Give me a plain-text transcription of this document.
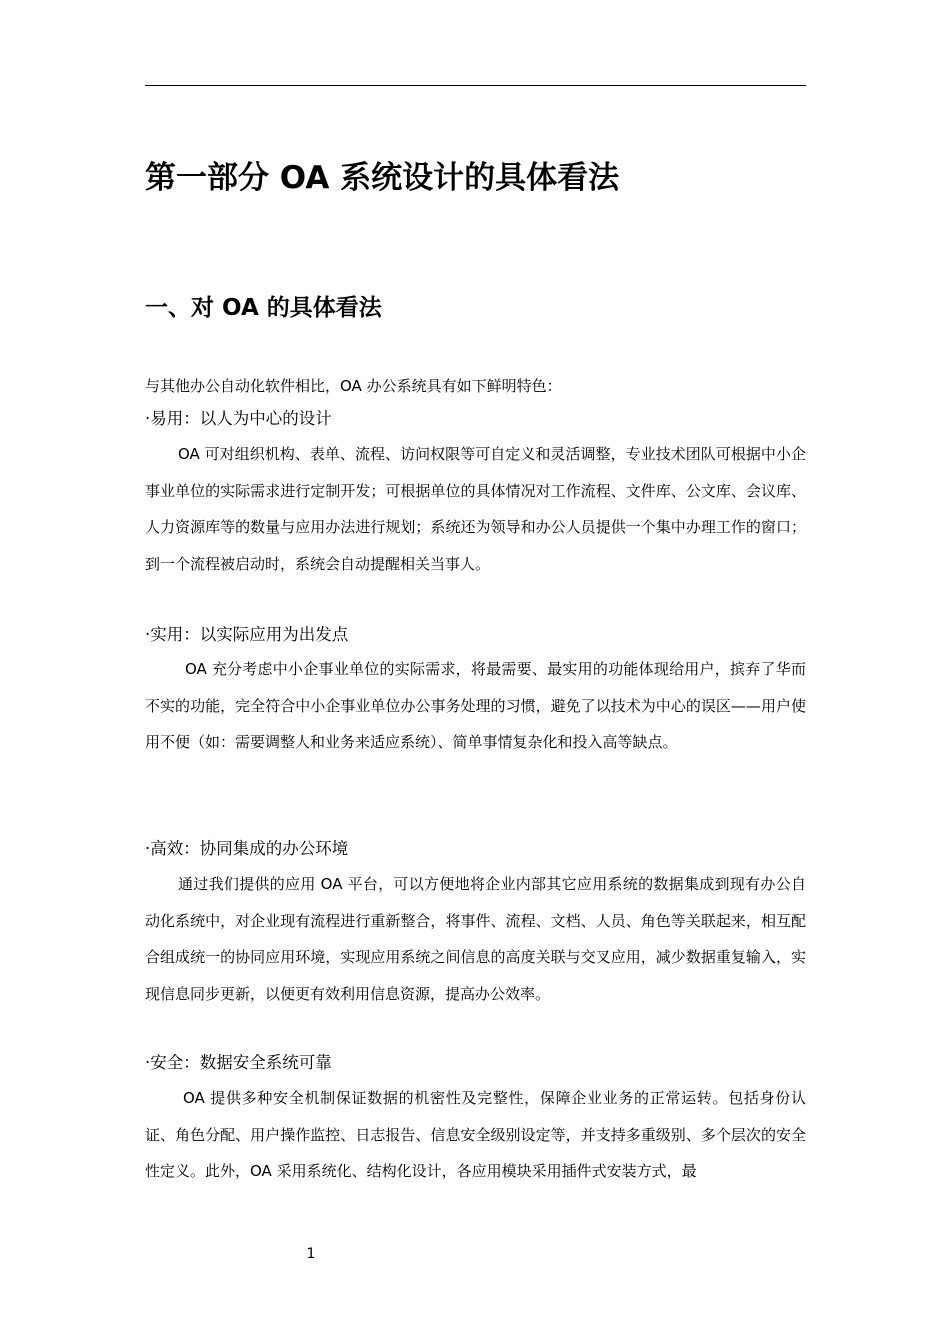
第一部分 OA 系统设计的具体看法
一、对 OA 的具体看法

与其他办公自动化软件相比，OA 办公系统具有如下鲜明特色：

·易用：以人为中心的设计

OA 可对组织机构、表单、流程、访问权限等可自定义和灵活调整，专业技术团队可根据中小企事业单位的实际需求进行定制开发；可根据单位的具体情况对工作流程、文件库、公文库、会议库、人力资源库等的数量与应用办法进行规划；系统还为领导和办公人员提供一个集中办理工作的窗口；到一个流程被启动时，系统会自动提醒相关当事人。

·实用：以实际应用为出发点

OA 充分考虑中小企事业单位的实际需求，将最需要、最实用的功能体现给用户，摈弃了华而不实的功能，完全符合中小企事业单位办公事务处理的习惯，避免了以技术为中心的误区——用户使用不便（如：需要调整人和业务来适应系统）、简单事情复杂化和投入高等缺点。

·高效：协同集成的办公环境

通过我们提供的应用 OA 平台，可以方便地将企业内部其它应用系统的数据集成到现有办公自动化系统中，对企业现有流程进行重新整合，将事件、流程、文档、人员、角色等关联起来，相互配合组成统一的协同应用环境，实现应用系统之间信息的高度关联与交叉应用，减少数据重复输入，实现信息同步更新，以便更有效利用信息资源，提高办公效率。

·安全：数据安全系统可靠

OA 提供多种安全机制保证数据的机密性及完整性，保障企业业务的正常运转。包括身份认证、角色分配、用户操作监控、日志报告、信息安全级别设定等，并支持多重级别、多个层次的安全性定义。此外，OA 采用系统化、结构化设计，各应用模块采用插件式安装方式，最

1
